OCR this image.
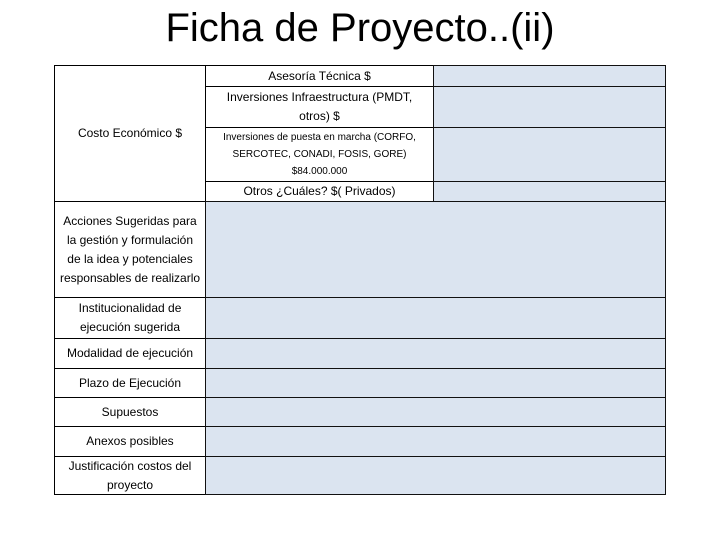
Ficha de Proyecto..(ii)
Costo Económico $
Asesoría Técnica $
Inversiones Infraestructura (PMDT, otros) $
Inversiones de puesta en marcha (CORFO, SERCOTEC, CONADI, FOSIS, GORE) $84.000.000
Otros ¿Cuáles? $( Privados)
Acciones Sugeridas para la gestión y formulación de la idea y potenciales responsables de realizarlo
Institucionalidad de ejecución sugerida
Modalidad de ejecución
Plazo de Ejecución
Supuestos
Anexos posibles
Justificación costos del proyecto
